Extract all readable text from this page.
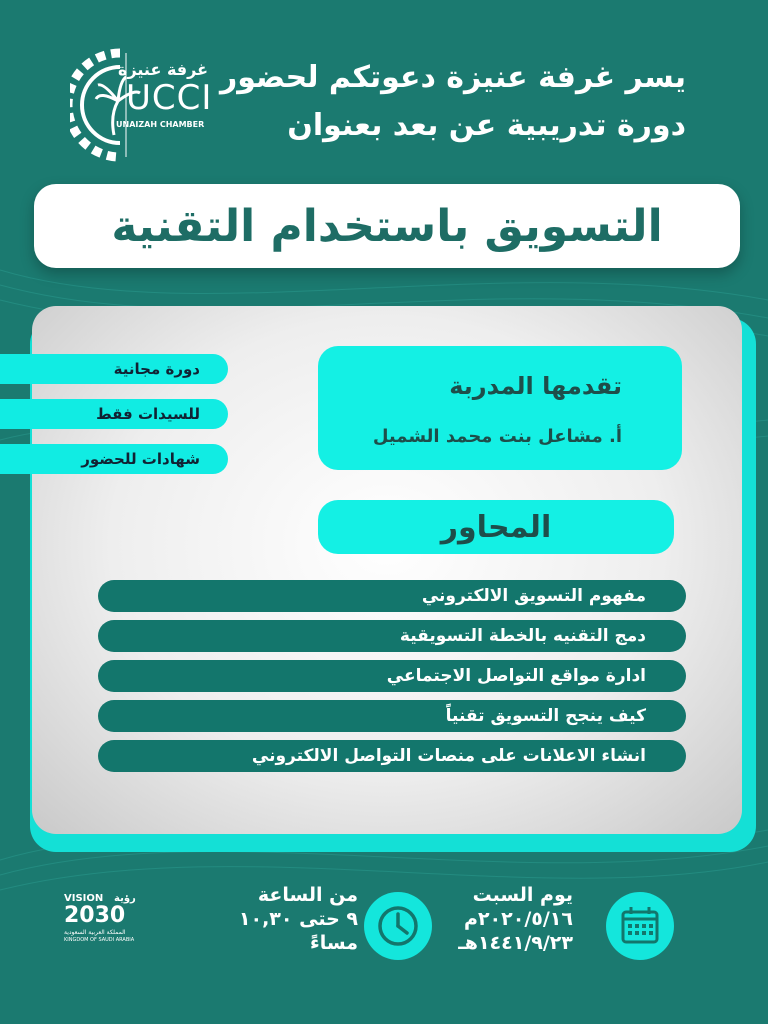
غرفة عنيزة
UCCI
UNAIZAH CHAMBER
يسر غرفة عنيزة دعوتكم لحضور
دورة تدريبية عن بعد بعنوان
التسويق باستخدام التقنية
دورة مجانية
للسيدات فقط
شهادات للحضور
تقدمها المدربة
أ. مشاعل بنت محمد الشميل
المحاور
مفهوم التسويق الالكتروني
دمج التقنيه بالخطة التسويقية
ادارة مواقع التواصل الاجتماعي
كيف ينجح التسويق تقنياً
انشاء الاعلانات على منصات التواصل الالكتروني
يوم السبت
٢٠٢٠/٥/١٦م
١٤٤١/٩/٢٣هـ
من الساعة
٩ حتى ١٠,٣٠
مساءً
VISION رؤية
2030
المملكة العربية السعودية
KINGDOM OF SAUDI ARABIA
